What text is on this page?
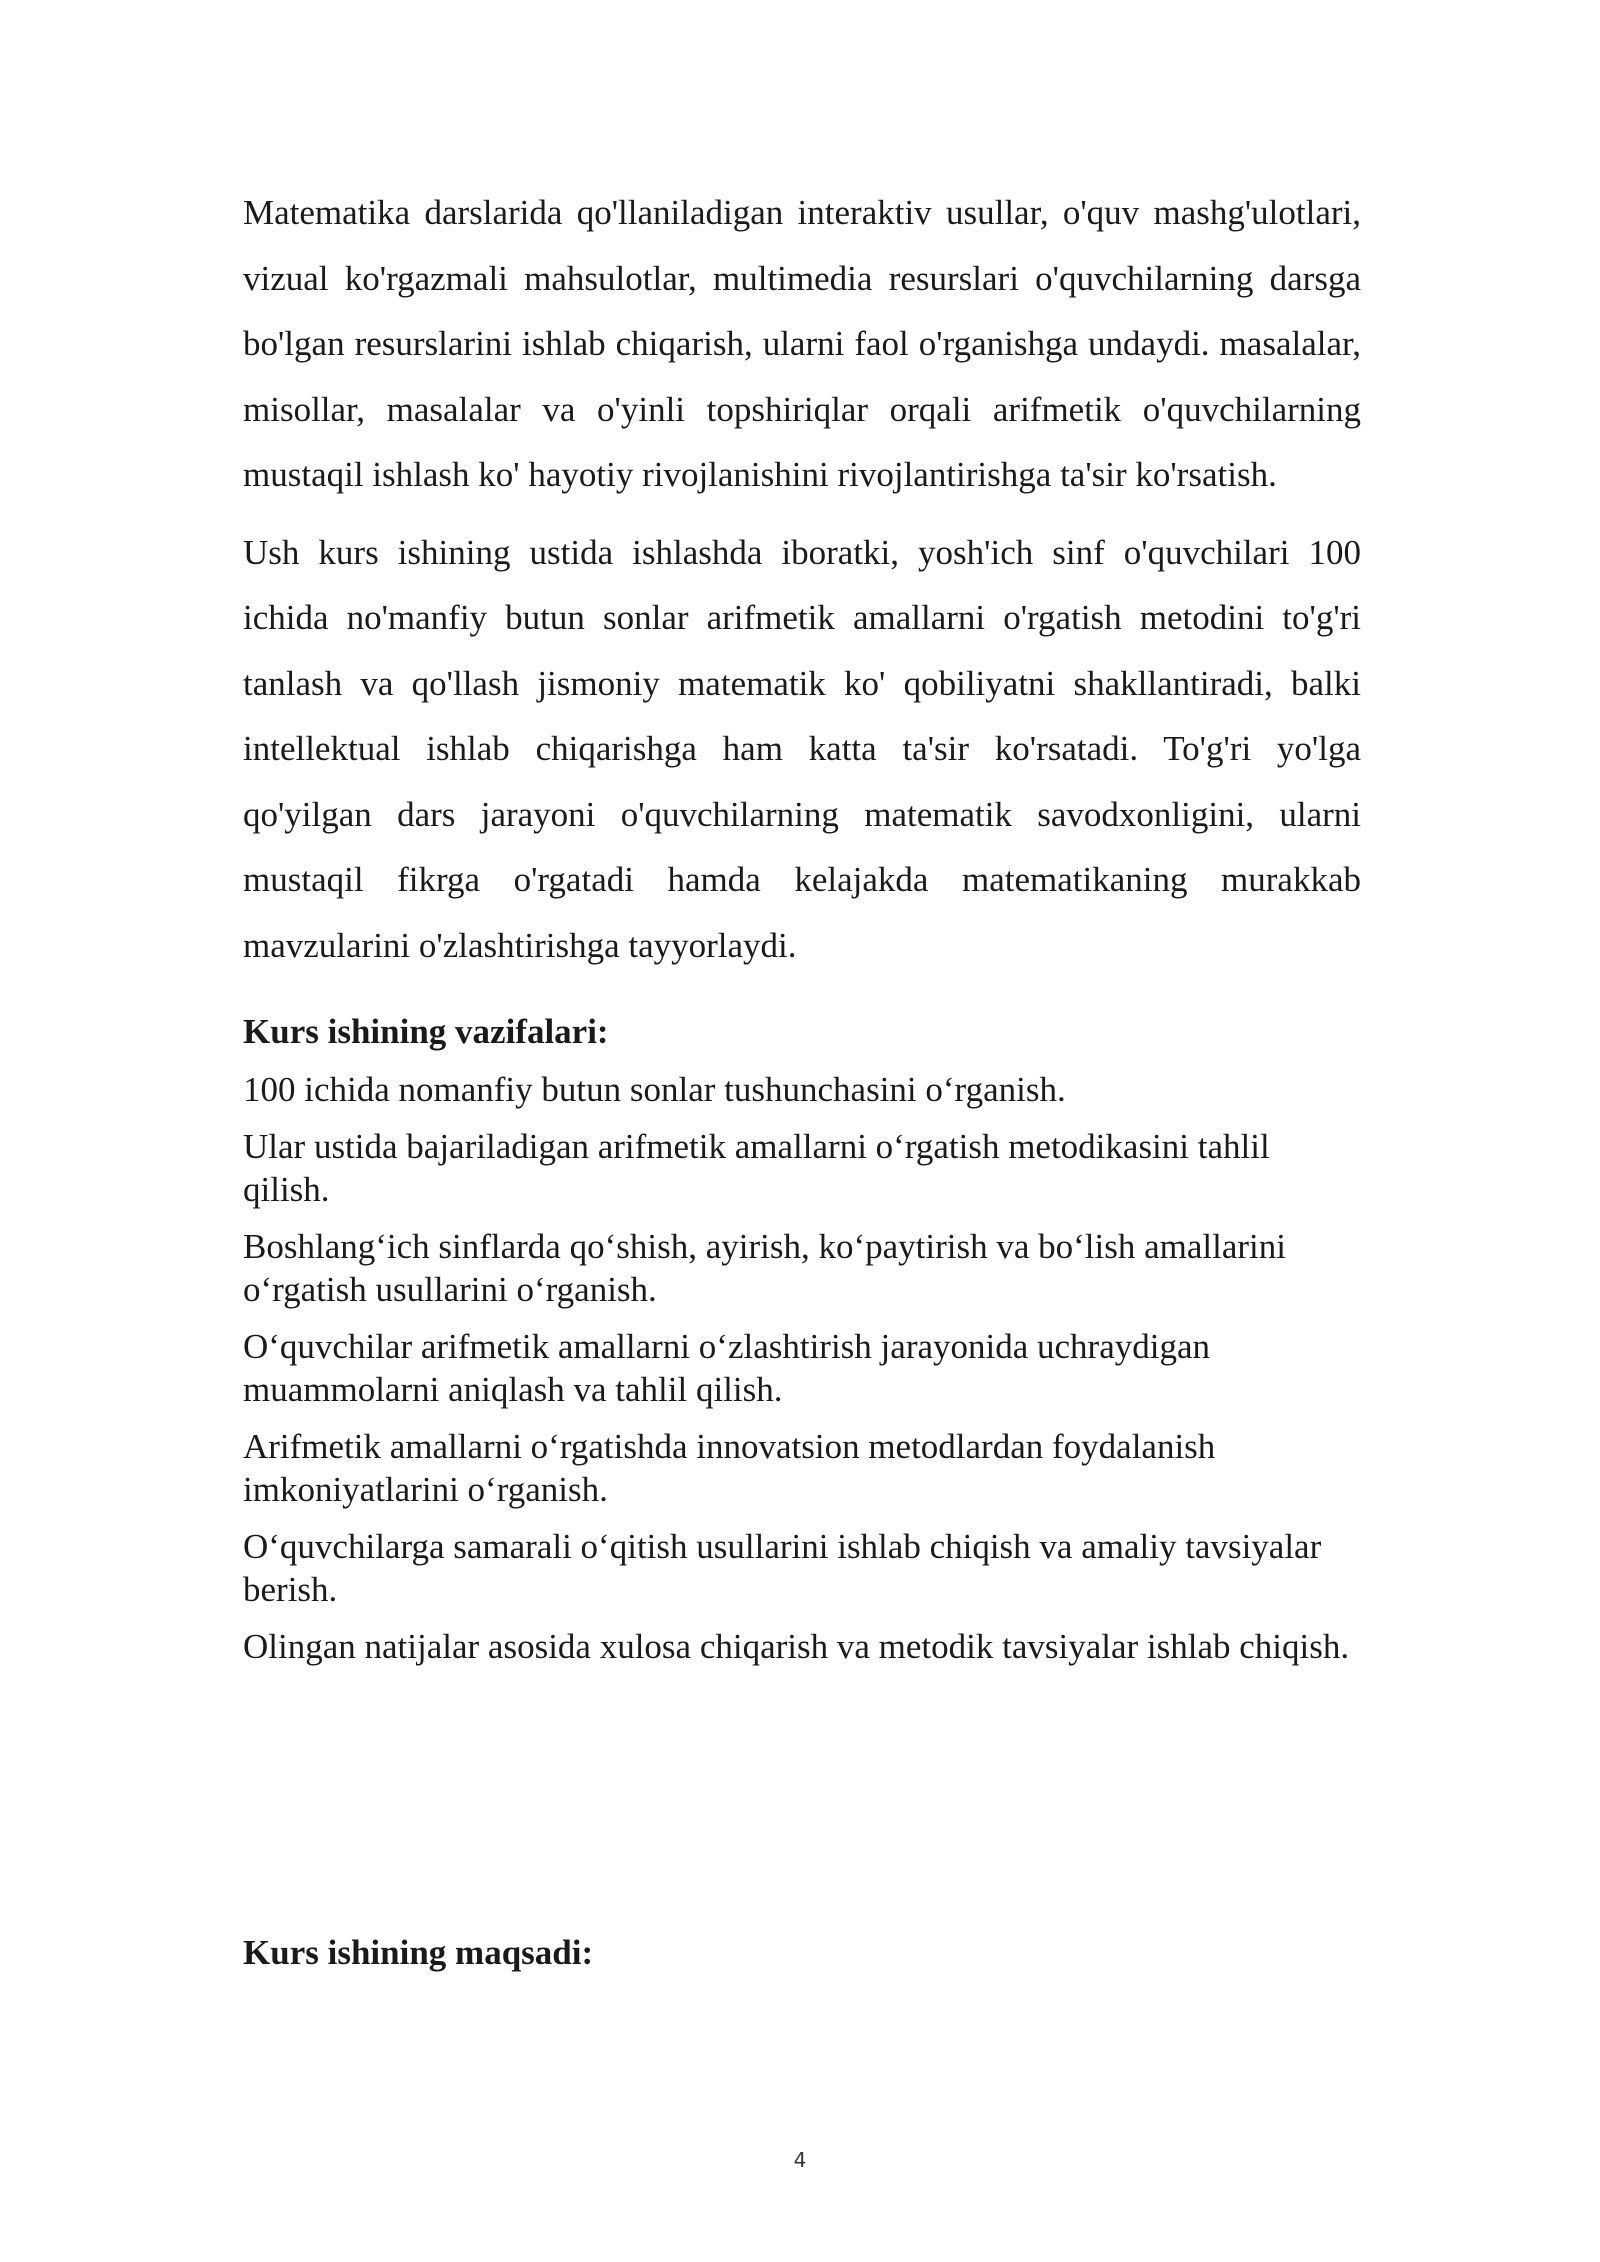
Matematika darslarida qo'llaniladigan interaktiv usullar, o'quv mashg'ulotlari, vizual ko'rgazmali mahsulotlar, multimedia resurslari o'quvchilarning darsga bo'lgan resurslarini ishlab chiqarish, ularni faol o'rganishga undaydi. masalalar, misollar, masalalar va o'yinli topshiriqlar orqali arifmetik o'quvchilarning mustaqil ishlash ko' hayotiy rivojlanishini rivojlantirishga ta'sir ko'rsatish.

Ush kurs ishining ustida ishlashda iboratki, yosh'ich sinf o'quvchilari 100 ichida no'manfiy butun sonlar arifmetik amallarni o'rgatish metodini to'g'ri tanlash va qo'llash jismoniy matematik ko' qobiliyatni shakllantiradi, balki intellektual ishlab chiqarishga ham katta ta'sir ko'rsatadi. To'g'ri yo'lga qo'yilgan dars jarayoni o'quvchilarning matematik savodxonligini, ularni mustaqil fikrga o'rgatadi hamda kelajakda matematikaning murakkab mavzularini o'zlashtirishga tayyorlaydi.

Kurs ishining vazifalari:
100 ichida nomanfiy butun sonlar tushunchasini o‘rganish.
Ular ustida bajariladigan arifmetik amallarni o‘rgatish metodikasini tahlil qilish.
Boshlang‘ich sinflarda qo‘shish, ayirish, ko‘paytirish va bo‘lish amallarini o‘rgatish usullarini o‘rganish.
O‘quvchilar arifmetik amallarni o‘zlashtirish jarayonida uchraydigan muammolarni aniqlash va tahlil qilish.
Arifmetik amallarni o‘rgatishda innovatsion metodlardan foydalanish imkoniyatlarini o‘rganish.
O‘quvchilarga samarali o‘qitish usullarini ishlab chiqish va amaliy tavsiyalar berish.
Olingan natijalar asosida xulosa chiqarish va metodik tavsiyalar ishlab chiqish.
Kurs ishining maqsadi:
4
